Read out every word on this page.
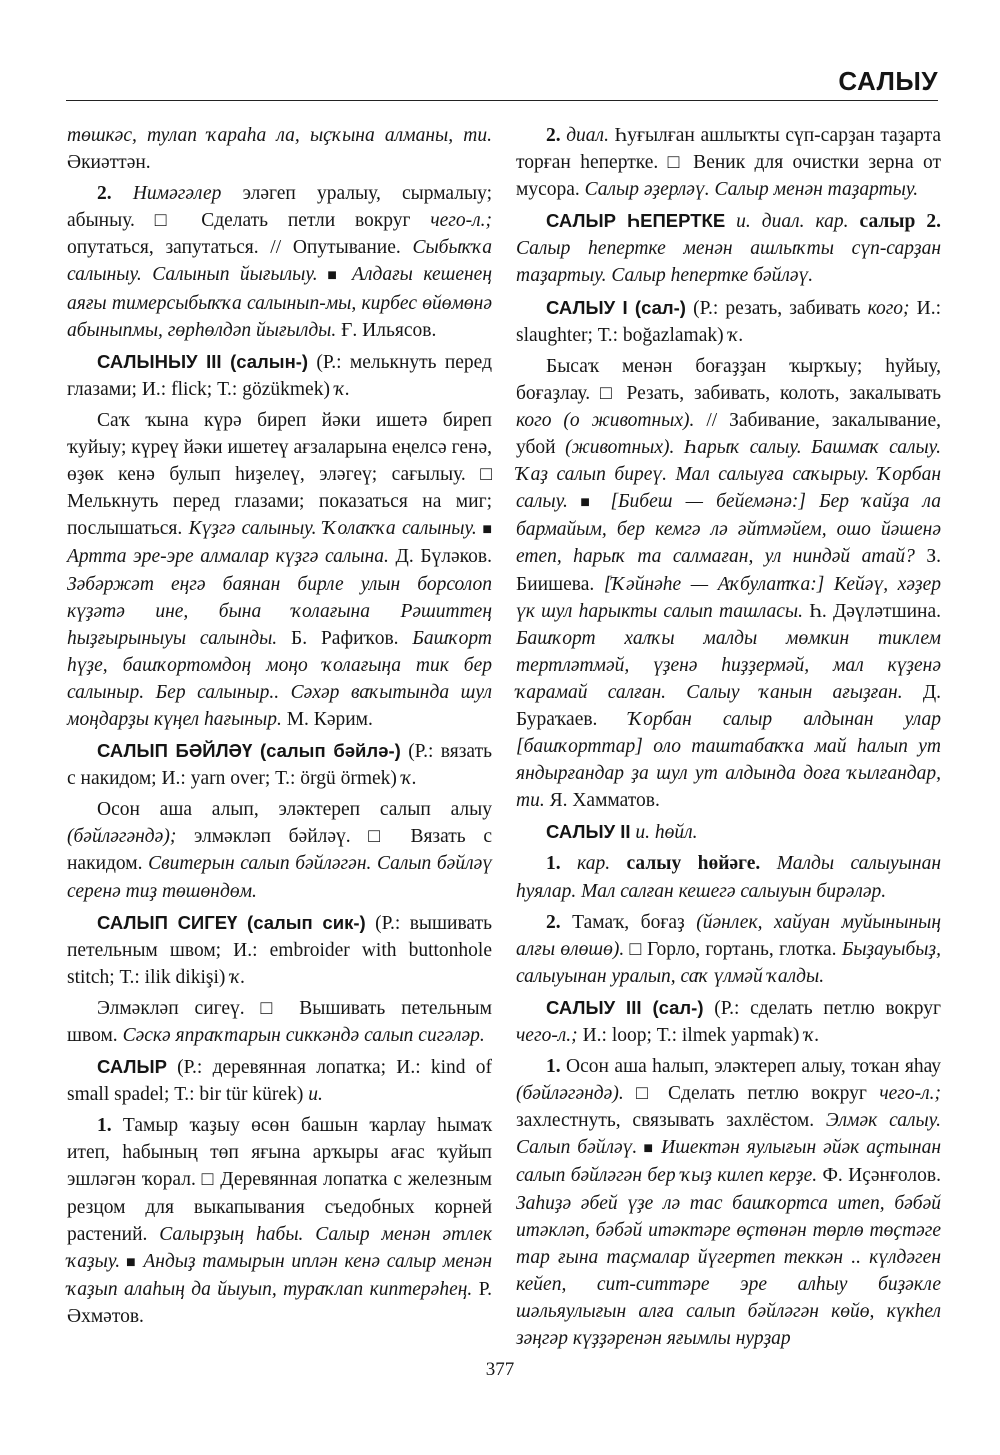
САЛЫУ

төшкәс, тулап ҡараһа ла, ыҫҡына алманы, ти. Әкиәттән.

2. Нимәгәлер эләгеп уралыу, сырмалыу; абыныу. □ Сделать петли вокруг чего-л.; опутаться, запутаться. // Опутывание. Сыбыҡҡа салыныу. Салынып йығылыу. ■ Алдағы кешенең аяғы тимерсыбыҡҡа салынып-мы, кирбес өйөмөнә абыныпмы, гөрһөлдәп йығылды. Ғ. Ильясов.

САЛЫНЫУ III (салын-) (Р.: мелькнуть перед глазами; И.: flick; Т.: gözükmek) ҡ.

Саҡ ҡына күрә биреп йәки ишетә биреп ҡуйыу; күреү йәки ишетеү ағзаларына еңелсә генә, өҙөк кенә булып һиҙелеү, эләгеү; сағылыу. □ Мелькнуть перед глазами; показаться на миг; послышаться. Күҙгә салыныу. Ҡолаҡҡа салыныу. ■ Артта эре-эре алмалар күҙгә салына. Д. Бүләков. Зәбәржәт еңгә баянан бирле улын борсолоп күҙәтә ине, бына ҡолағына Рәшиттең һыҙғырыныуы салынды. Б. Рафиҡов. Башҡорт һүҙе, башҡортомдоң моңо ҡолағыңа тик бер салыныр. Бер салыныр.. Сәхәр ваҡытында шул моңдарҙы күңел һағыныр. М. Кәрим.

САЛЫП БӘЙЛӘҮ (салып бәйлә-) (Р.: вязать с накидом; И.: yarn over; Т.: örgü örmek) ҡ.

Осон аша алып, эләктереп салып алыу (бәйләгәндә); элмәкләп бәйләү. □ Вязать с накидом. Свитерын салып бәйләгән. Салып бәйләү серенә тиҙ төшөндөм.

САЛЫП СИГЕҮ (салып сик-) (Р.: вышивать петельным швом; И.: embroider with buttonhole stitch; Т.: ilik dikişi) ҡ.

Элмәкләп сигеү. □ Вышивать петельным швом. Сәскә япраҡтарын сиккәндә салып сигәләр.

САЛЫР (Р.: деревянная лопатка; И.: kind of small spadel; Т.: bir tür kürek) и.

1. Тамыр ҡаҙыу өсөн башын ҡарлау һымаҡ итеп, һабының төп яғына арҡыры ағас ҡуйып эшләгән ҡорал. □ Деревянная лопатка с железным резцом для выкапывания съедобных корней растений. Салырҙың һабы. Салыр менән әтлек ҡаҙыу. ■ Андыҙ тамырын иплән кенә салыр менән ҡаҙып алаһың да йыуып, тураҡлап киптерәһең. Р. Әхмәтов.

2. диал. Һуғылған ашлыҡты сүп-сарҙан таҙарта торған һепертке. □ Веник для очистки зерна от мусора. Салыр әҙерләү. Салыр менән таҙартыу.

САЛЫР ҺЕПЕРТКЕ и. диал. кар. салыр 2. Салыр һепертке менән ашлыҡты сүп-сарҙан таҙартыу. Салыр һепертке бәйләү.

САЛЫУ I (сал-) (Р.: резать, забивать кого; И.: slaughter; Т.: boğazlamak) ҡ.

Бысаҡ менән боғаҙҙан ҡырҡыу; һуйыу, боғаҙлау. □ Резать, забивать, колоть, закалывать кого (о животных). // Забивание, закалывание, убой (животных). Һарыҡ салыу. Башмаҡ салыу. Ҡаҙ салып биреү. Мал салыуға саҡырыу. Ҡорбан салыу. ■ [Бибеш — бейемәнә:] Бер ҡайҙа ла бармайым, бер кемгә лә әйтмәйем, ошо йәшенә етеп, һарыҡ та салмаған, ул ниндәй атай? З. Биишева. [Ҡәйнәһе — Аҡбулатҡа:] Кейәү, хәҙер үк шул һарыкты салып ташласы. Һ. Дәүләтшина. Башҡорт халҡы малды мөмкин тиклем тертләтмәй, үҙенә һиҙҙермәй, мал күҙенә ҡарамай салған. Салыу ҡанын ағыҙған. Д. Бураҡаев. Ҡорбан салыр алдынан улар [башҡорттар] оло таштабаҡҡа май һалып ут яндырғандар ҙа шул ут алдында доға ҡылғандар, ти. Я. Хамматов.

САЛЫУ II и. һөйл.

1. кар. салыу һөйәге. Малды салыуынан һуялар. Мал салған кешегә салыуын бирәләр.

2. Тамаҡ, боғаҙ (йәнлек, хайуан муйынының алғы өлөшө). □ Горло, гортань, глотка. Быҙауыбыҙ, салыуынан уралып, саҡ үлмәй ҡалды.

САЛЫУ III (сал-) (Р.: сделать петлю вокруг чего-л.; И.: loop; Т.: ilmek yapmak) ҡ.

1. Осон аша һалып, эләктереп алыу, тоҡан яһау (бәйләгәндә). □ Сделать петлю вокруг чего-л.; захлестнуть, связывать захлёстом. Элмәк салыу. Салып бәйләү. ■ Ишектән яулығын әйәк аҫтынан салып бәйләгән бер ҡыҙ килеп керҙе. Ф. Иҫәнғолов. Заһиҙә әбей үҙе лә тас башҡортса итеп, бәбәй итәкләп, бәбәй итәктәре өҫтөнән төрлө төҫтәге тар ғына таҫмалар йүгертеп теккән .. күлдәген кейеп, сит-ситтәре эре алһыу биҙәкле шәльяулығын алға салып бәйләгән көйө, күкһел зәңгәр күҙҙәренән яғымлы нурҙар

377
